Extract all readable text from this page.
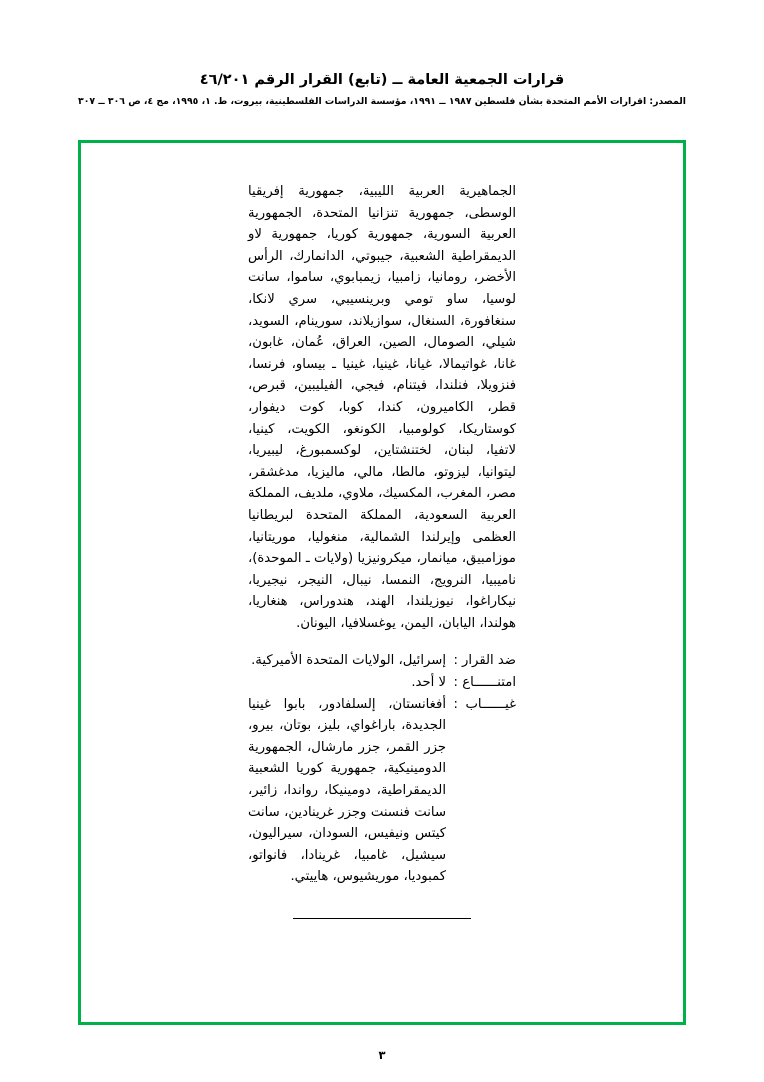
قرارات الجمعية العامة ــ (تابع) القرار الرقم ٤٦/٢٠١
المصدر: اقرارات الأمم المتحدة بشأن فلسطين ١٩٨٧ ــ ١٩٩١، مؤسسة الدراسات الفلسطينية، بيروت، ط. ١، ١٩٩٥، مج ٤، ص ٣٠٦ ــ ٣٠٧

الجماهيرية العربية الليبية، جمهورية إفريقيا الوسطى، جمهورية تنزانيا المتحدة، الجمهورية العربية السورية، جمهورية كوريا، جمهورية لاو الديمقراطية الشعبية، جيبوتي، الدانمارك، الرأس الأخضر، رومانيا، زامبيا، زيمبابوي، ساموا، سانت لوسيا، ساو تومي وبرينسيبي، سري لانكا، سنغافورة، السنغال، سوازيلاند، سورينام، السويد، شيلي، الصومال، الصين، العراق، عُمان، غابون، غانا، غواتيمالا، غيانا، غينيا، غينيا ـ بيساو، فرنسا، فنزويلا، فنلندا، فيتنام، فيجي، الفيليبين، قبرص، قطر، الكاميرون، كندا، كوبا، كوت ديفوار، كوستاريكا، كولومبيا، الكونغو، الكويت، كينيا، لاتفيا، لبنان، لختنشتاين، لوكسمبورغ، ليبيريا، ليتوانيا، ليزوتو، مالطا، مالي، ماليزيا، مدغشقر، مصر، المغرب، المكسيك، ملاوي، ملديف، المملكة العربية السعودية، المملكة المتحدة لبريطانيا العظمى وإيرلندا الشمالية، منغوليا، موريتانيا، موزامبيق، ميانمار، ميكرونيزيا (ولايات ـ الموحدة)، ناميبيا، النرويج، النمسا، نيبال، النيجر، نيجيريا، نيكاراغوا، نيوزيلندا، الهند، هندوراس، هنغاريا، هولندا، اليابان، اليمن، يوغسلافيا، اليونان.

ضد القرار
:
إسرائيل، الولايات المتحدة الأميركية.
امتنــــــاع
:
لا أحد.
غيــــــاب
:
أفغانستان، إلسلفادور، بابوا غينيا الجديدة، باراغواي، بليز، بوتان، بيرو، جزر القمر، جزر مارشال، الجمهورية الدومينيكية، جمهورية كوريا الشعبية الديمقراطية، دومينيكا، رواندا، زائير، سانت فنسنت وجزر غرينادين، سانت كيتس ونيفيس، السودان، سيراليون، سيشيل، غامبيا، غرينادا، فانواتو، كمبوديا، موريشيوس، هاييتي.
٣
